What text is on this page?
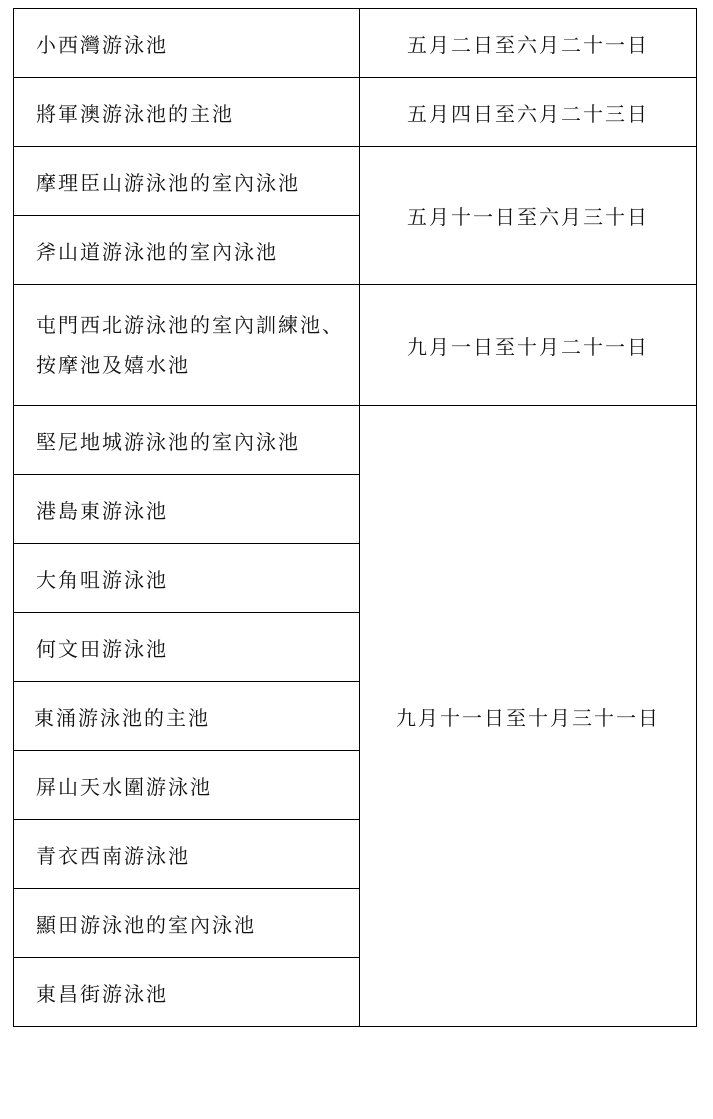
小西灣游泳池	五月二日至六月二十一日
將軍澳游泳池的主池	五月四日至六月二十三日
摩理臣山游泳池的室內泳池	五月十一日至六月三十日
斧山道游泳池的室內泳池	
屯門西北游泳池的室內訓練池、按摩池及嬉水池	九月一日至十月二十一日
堅尼地城游泳池的室內泳池	九月十一日至十月三十一日
港島東游泳池	
大角咀游泳池	
何文田游泳池	
東涌游泳池的主池	
屏山天水圍游泳池	
青衣西南游泳池	
顯田游泳池的室內泳池	
東昌街游泳池	
